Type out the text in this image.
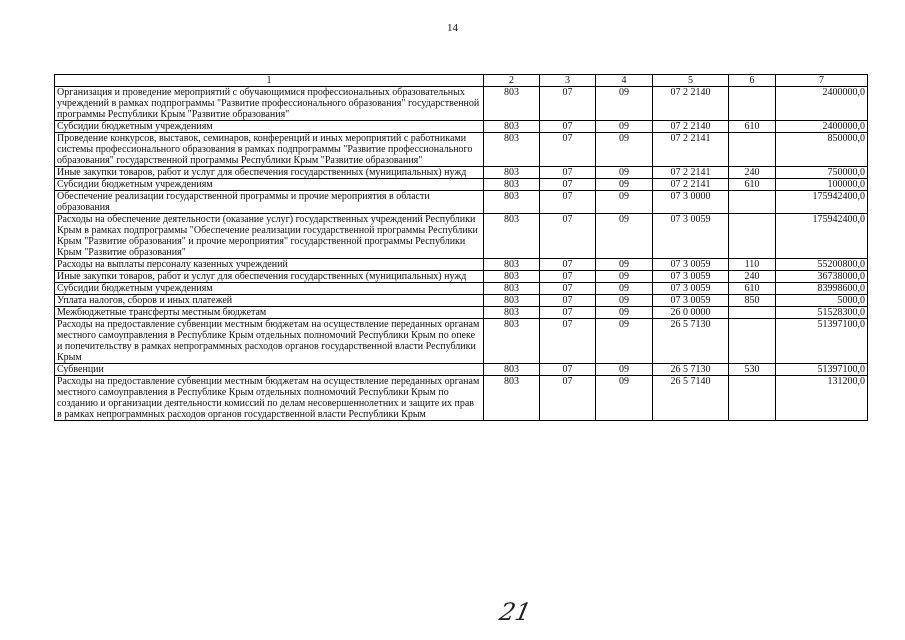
14
1	2	3	4	5	6	7
Организация и проведение мероприятий с обучающимися профессиональных образовательных учреждений в рамках подпрограммы "Развитие профессионального образования" государственной программы Республики Крым "Развитие образования"	803	07	09	07 2 2140		2400000,0
Субсидии бюджетным учреждениям	803	07	09	07 2 2140	610	2400000,0
Проведение конкурсов, выставок, семинаров, конференций и иных мероприятий с работниками системы профессионального образования в рамках подпрограммы "Развитие профессионального образования" государственной программы Республики Крым "Развитие образования"	803	07	09	07 2 2141		850000,0
Иные закупки товаров, работ и услуг для обеспечения государственных (муниципальных) нужд	803	07	09	07 2 2141	240	750000,0
Субсидии бюджетным учреждениям	803	07	09	07 2 2141	610	100000,0
Обеспечение реализации государственной программы и прочие мероприятия в области образования	803	07	09	07 3 0000		175942400,0
Расходы на обеспечение деятельности (оказание услуг) государственных учреждений Республики Крым в рамках подпрограммы "Обеспечение реализации государственной программы Республики Крым "Развитие образования" и прочие мероприятия" государственной программы Республики Крым "Развитие образования"	803	07	09	07 3 0059		175942400,0
Расходы на выплаты персоналу казенных учреждений	803	07	09	07 3 0059	110	55200800,0
Иные закупки товаров, работ и услуг для обеспечения государственных (муниципальных) нужд	803	07	09	07 3 0059	240	36738000,0
Субсидии бюджетным учреждениям	803	07	09	07 3 0059	610	83998600,0
Уплата налогов, сборов и иных платежей	803	07	09	07 3 0059	850	5000,0
Межбюджетные трансферты местным бюджетам	803	07	09	26 0 0000		51528300,0
Расходы на предоставление субвенции местным бюджетам на осуществление переданных органам местного самоуправления в Республике Крым отдельных полномочий Республики Крым по опеке и попечительству в рамках непрограммных расходов органов государственной власти Республики Крым	803	07	09	26 5 7130		51397100,0
Субвенции	803	07	09	26 5 7130	530	51397100,0
Расходы на предоставление субвенции местным бюджетам на осуществление переданных органам местного самоуправления в Республике Крым отдельных полномочий Республики Крым по созданию и организации деятельности комиссий по делам несовершеннолетних и защите их прав в рамках непрограммных расходов органов государственной власти Республики Крым	803	07	09	26 5 7140		131200,0
21
